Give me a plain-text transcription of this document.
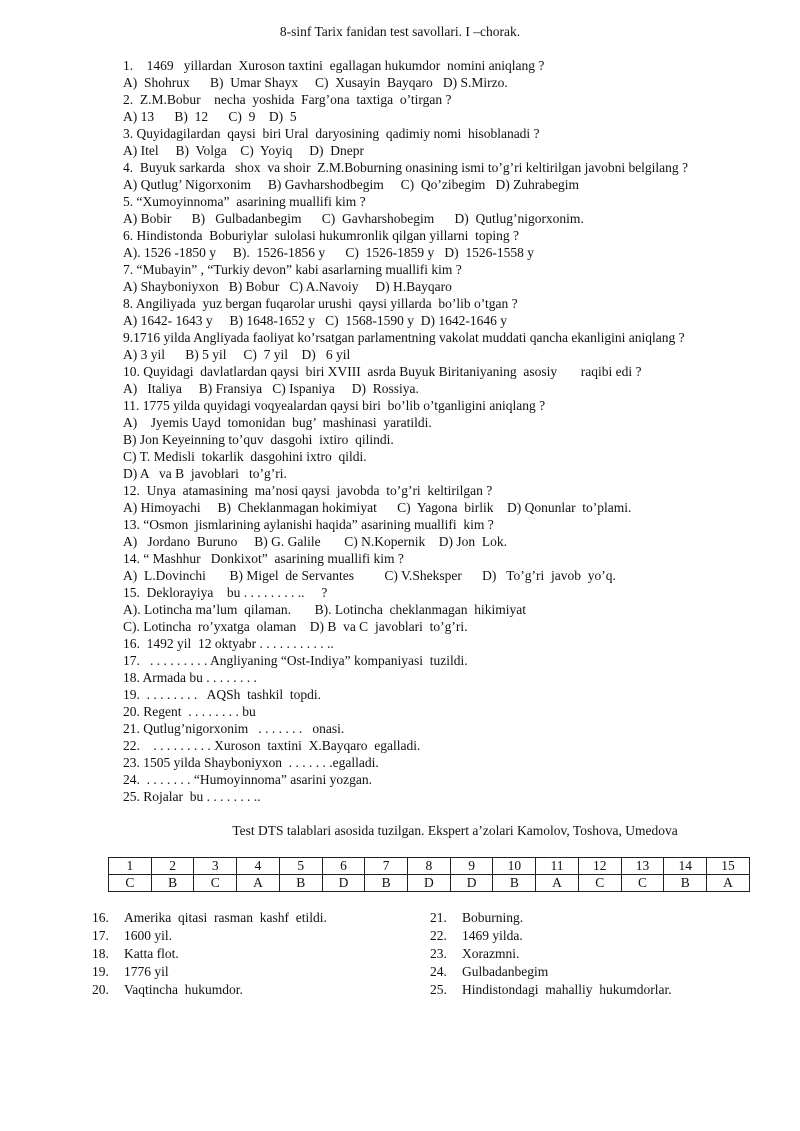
8-sinf Tarix fanidan test savollari. I –chorak.
1.    1469   yillardan  Xuroson taxtini  egallagan hukumdor  nomini aniqlang ?
A)  Shohrux      B)  Umar Shayx     C)  Xusayin  Bayqaro   D) S.Mirzo.
2.  Z.M.Bobur    necha  yoshida  Farg’ona  taxtiga  o’tirgan ?
A) 13      B)  12      C)  9    D)  5
3. Quyidagilardan  qaysi  biri Ural  daryosining  qadimiy nomi  hisoblanadi ?
A) Itel     B)  Volga    C)  Yoyiq     D)  Dnepr
4.  Buyuk sarkarda   shox  va shoir  Z.M.Boburning onasining ismi to’g’ri keltirilgan javobni belgilang ?
A) Qutlug’ Nigorxonim     B) Gavharshodbegim     C)  Qo’zibegim   D) Zuhrabegim
5. “Xumoyinnoma”  asarining muallifi kim ?
A) Bobir      B)   Gulbadanbegim      C)  Gavharshobegim      D)  Qutlug’nigorxonim.
6. Hindistonda  Boburiylar  sulolasi hukumronlik qilgan yillarni  toping ?
A). 1526 -1850 y     B).  1526-1856 y      C)  1526-1859 y   D)  1526-1558 y
7. “Mubayin” , “Turkiy devon” kabi asarlarning muallifi kim ?
A) Shayboniyxon   B) Bobur   C) A.Navoiy     D) H.Bayqaro
8. Angiliyada  yuz bergan fuqarolar urushi  qaysi yillarda  bo’lib o’tgan ?
A) 1642- 1643 y     B) 1648-1652 y   C)  1568-1590 y  D) 1642-1646 y
9.1716 yilda Angliyada faoliyat ko’rsatgan parlamentning vakolat muddati qancha ekanligini aniqlang ?
A) 3 yil      B) 5 yil     C)  7 yil    D)   6 yil
10. Quyidagi  davlatlardan qaysi  biri XVIII  asrda Buyuk Biritaniyaning  asosiy       raqibi edi ?
A)   Italiya     B) Fransiya   C) Ispaniya     D)  Rossiya.
11. 1775 yilda quyidagi voqyealardan qaysi biri  bo’lib o’tganligini aniqlang ?
A)    Jyemis Uayd  tomonidan  bug’  mashinasi  yaratildi.
B) Jon Keyeinning to’quv  dasgohi  ixtiro  qilindi.
C) T. Medisli  tokarlik  dasgohini ixtro  qildi.
D) A   va B  javoblari   to’g’ri.
12.  Unya  atamasining  ma’nosi qaysi  javobda  to’g’ri  keltirilgan ?
A) Himoyachi     B)  Cheklanmagan hokimiyat      C)  Yagona  birlik    D) Qonunlar  to’plami.
13. “Osmon  jismlarining aylanishi haqida” asarining muallifi  kim ?
A)   Jordano  Buruno     B) G. Galile       C) N.Kopernik    D) Jon  Lok.
14. “ Mashhur   Donkixot”  asarining muallifi kim ?
A)  L.Dovinchi       B) Migel  de Servantes         C) V.Shekspеr      D)   To’g’ri  javob  yo’q.
15.  Deklorayiya    bu . . . . . . . . ..     ?
A). Lotincha ma’lum  qilaman.       B). Lotincha  cheklanmagan  hikimiyat
C). Lotincha  ro’yxatga  olaman    D) B  va C  javoblari  to’g’ri.
16.  1492 yil  12 oktyabr . . . . . . . . . . ..
17.   . . . . . . . . . Angliyaning “Ost-Indiya” kompaniyasi  tuzildi.
18. Armada bu . . . . . . . .
19.  . . . . . . . .   AQSh  tashkil  topdi.
20. Regent  . . . . . . . . bu
21. Qutlug’nigorxonim   . . . . . . .   onasi.
22.    . . . . . . . . . Xuroson  taxtini  X.Bayqaro  egalladi.
23. 1505 yilda Shayboniyxon  . . . . . . .egalladi.
24.  . . . . . . . “Humoyinnoma” asarini yozgan.
25. Rojalar  bu . . . . . . . ..
Test DTS talablari asosida tuzilgan. Ekspert a’zolari Kamolov, Toshova, Umedova
1	2	3	4	5	6	7	8	9	10	11	12	13	14	15
C	B	C	A	B	D	B	D	D	B	A	C	C	B	A
16. Amerika  qitasi  rasman  kashf  etildi.
17. 1600 yil.
18. Katta flot.
19. 1776 yil
20. Vaqtincha  hukumdor.
21. Boburning.
22. 1469 yilda.
23. Xorazmni.
24. Gulbadanbegim
25. Hindistondagi  mahalliy  hukumdorlar.
